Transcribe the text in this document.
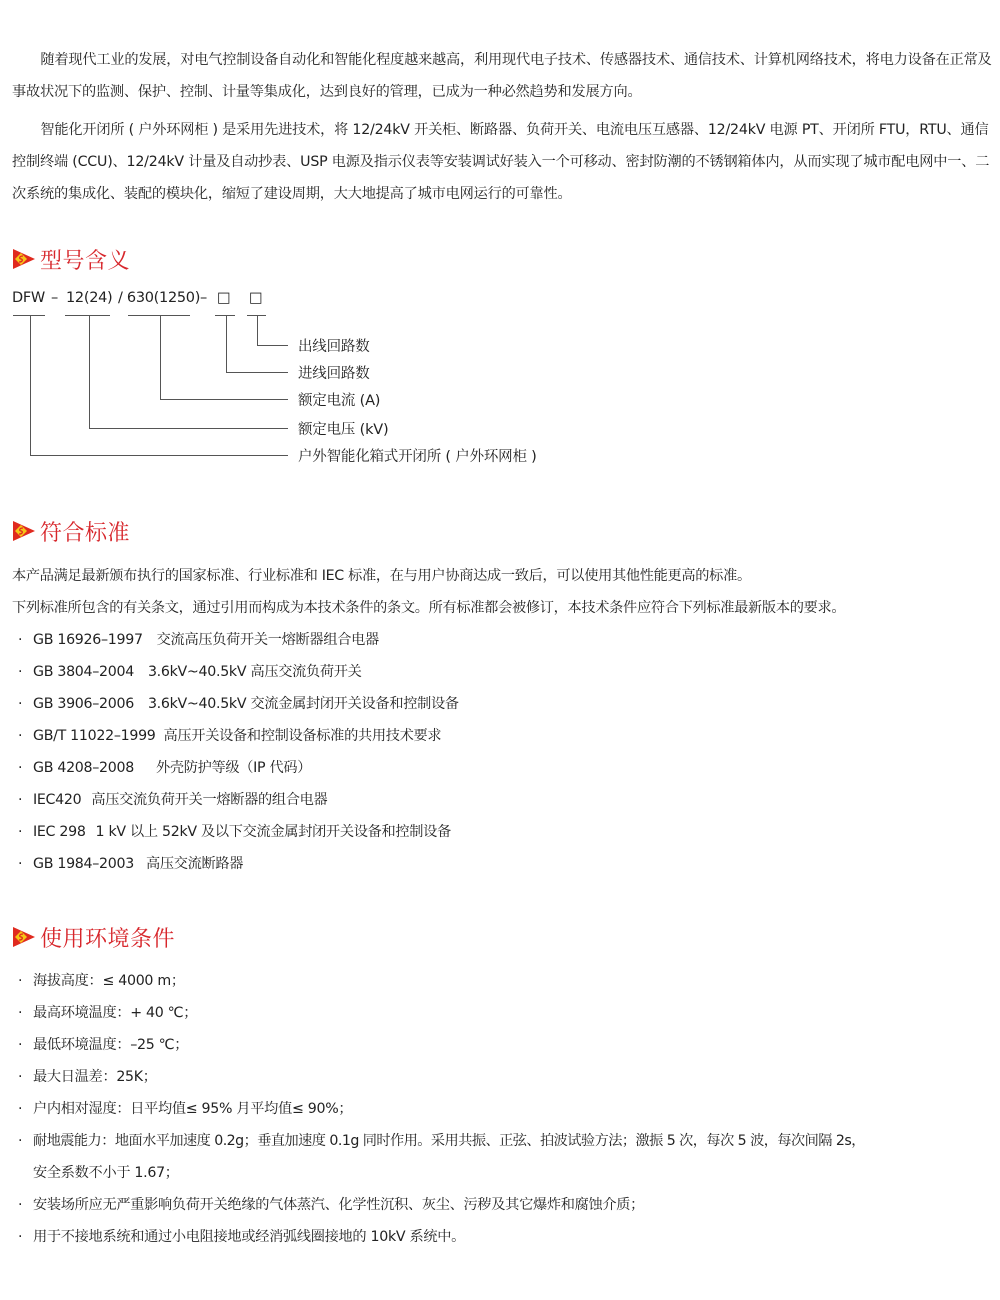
随着现代工业的发展，对电气控制设备自动化和智能化程度越来越高，利用现代电子技术、传感器技术、通信技术、计算机网络技术，将电力设备在正常及事故状况下的监测、保护、控制、计量等集成化，达到良好的管理，已成为一种必然趋势和发展方向。

智能化开闭所 ( 户外环网柜 ) 是采用先进技术，将 12/24kV 开关柜、断路器、负荷开关、电流电压互感器、12/24kV 电源 PT、开闭所 FTU，RTU、通信控制终端 (CCU)、12/24kV 计量及自动抄表、USP 电源及指示仪表等安装调试好装入一个可移动、密封防潮的不锈钢箱体内，从而实现了城市配电网中一、二次系统的集成化、装配的模块化，缩短了建设周期，大大地提高了城市电网运行的可靠性。

型号含义
DFW – 12(24) / 630(1250) – □ □
出线回路数
进线回路数
额定电流 (A)
额定电压 (kV)
户外智能化箱式开闭所 ( 户外环网柜 )
符合标准
本产品满足最新颁布执行的国家标准、行业标准和 IEC 标准，在与用户协商达成一致后，可以使用其他性能更高的标准。
下列标准所包含的有关条文，通过引用而构成为本技术条件的条文。所有标准都会被修订，本技术条件应符合下列标准最新版本的要求。
· GB 16926–1997 交流高压负荷开关一熔断器组合电器
· GB 3804–2004 3.6kV~40.5kV 高压交流负荷开关
· GB 3906–2006 3.6kV~40.5kV 交流金属封闭开关设备和控制设备
· GB/T 11022–1999 高压开关设备和控制设备标准的共用技术要求
· GB 4208–2008 外壳防护等级（IP 代码）
· IEC420 高压交流负荷开关一熔断器的组合电器
· IEC 298 1 kV 以上 52kV 及以下交流金属封闭开关设备和控制设备
· GB 1984–2003 高压交流断路器
使用环境条件
· 海拔高度：≤ 4000 m；
· 最高环境温度：+ 40 ℃；
· 最低环境温度：–25 ℃；
· 最大日温差：25K；
· 户内相对湿度：日平均值≤ 95% 月平均值≤ 90%；
· 耐地震能力：地面水平加速度 0.2g；垂直加速度 0.1g 同时作用。采用共振、正弦、拍波试验方法；激振 5 次，每次 5 波，每次间隔 2s，
安全系数不小于 1.67；
· 安装场所应无严重影响负荷开关绝缘的气体蒸汽、化学性沉积、灰尘、污秽及其它爆炸和腐蚀介质；
· 用于不接地系统和通过小电阻接地或经消弧线圈接地的 10kV 系统中。
